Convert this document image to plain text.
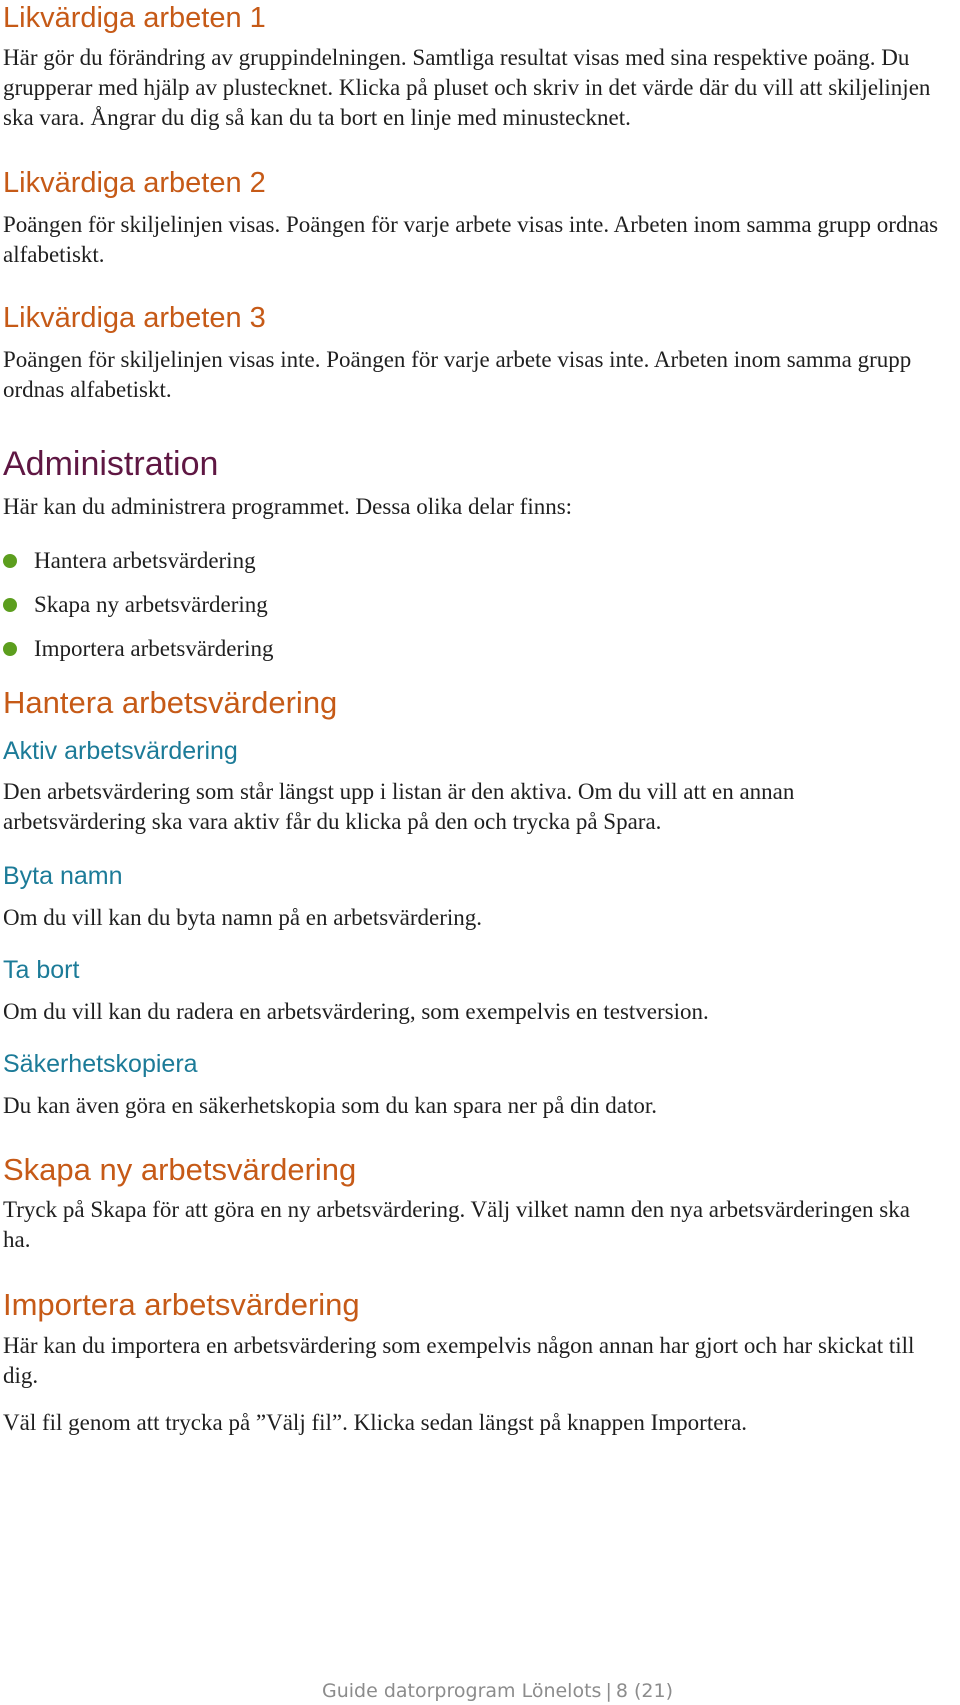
Likvärdiga arbeten 1

Här gör du förändring av gruppindelningen. Samtliga resultat visas med sina respektive poäng. Du grupperar med hjälp av plustecknet. Klicka på pluset och skriv in det värde där du vill att skiljelinjen ska vara. Ångrar du dig så kan du ta bort en linje med minustecknet.

Likvärdiga arbeten 2

Poängen för skiljelinjen visas. Poängen för varje arbete visas inte. Arbeten inom samma grupp ordnas alfabetiskt.

Likvärdiga arbeten 3

Poängen för skiljelinjen visas inte. Poängen för varje arbete visas inte. Arbeten inom samma grupp ordnas alfabetiskt.

Administration

Här kan du administrera programmet. Dessa olika delar finns:

Hantera arbetsvärdering
Skapa ny arbetsvärdering
Importera arbetsvärdering
Hantera arbetsvärdering
Aktiv arbetsvärdering

Den arbetsvärdering som står längst upp i listan är den aktiva. Om du vill att en annan arbetsvärdering ska vara aktiv får du klicka på den och trycka på Spara.

Byta namn

Om du vill kan du byta namn på en arbetsvärdering.

Ta bort

Om du vill kan du radera en arbetsvärdering, som exempelvis en testversion.

Säkerhetskopiera

Du kan även göra en säkerhetskopia som du kan spara ner på din dator.

Skapa ny arbetsvärdering

Tryck på Skapa för att göra en ny arbetsvärdering. Välj vilket namn den nya arbetsvärderingen ska ha.

Importera arbetsvärdering

Här kan du importera en arbetsvärdering som exempelvis någon annan har gjort och har skickat till dig.

Väl fil genom att trycka på ”Välj fil”. Klicka sedan längst på knappen Importera.

Guide datorprogram Lönelots | 8 (21)
